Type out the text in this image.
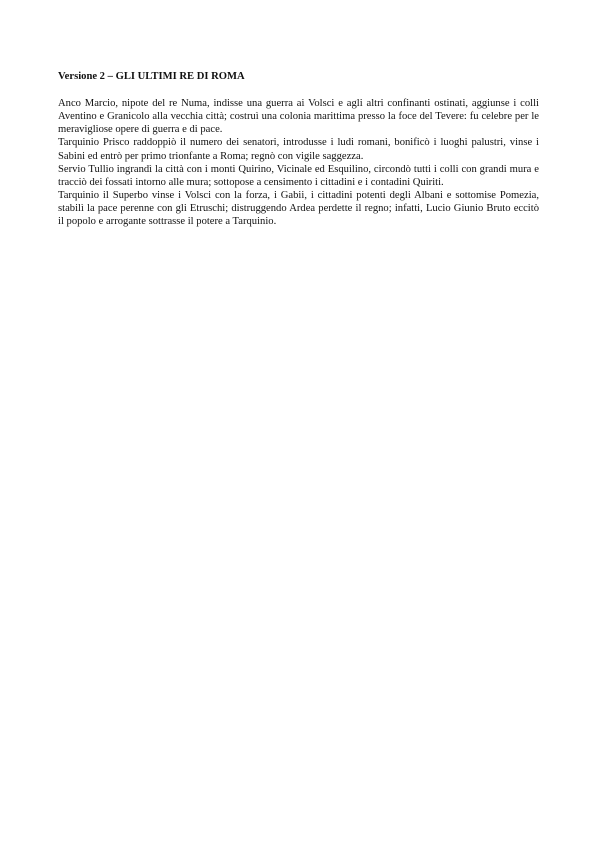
Versione 2 – GLI ULTIMI RE DI ROMA

Anco Marcio, nipote del re Numa, indisse una guerra ai Volsci e agli altri confinanti ostinati, aggiunse i colli Aventino e Granicolo alla vecchia città; costruì una colonia marittima presso la foce del Tevere: fu celebre per le meravigliose opere di guerra e di pace.

Tarquinio Prisco raddoppiò il numero dei senatori, introdusse i ludi romani, bonificò i luoghi palustri, vinse i Sabini ed entrò per primo trionfante a Roma; regnò con vigile saggezza.

Servio Tullio ingrandì la città con i monti Quirino, Vicinale ed Esquilino, circondò tutti i colli con grandi mura e tracciò dei fossati intorno alle mura; sottopose a censimento i cittadini e i contadini Quiriti.

Tarquinio il Superbo vinse i Volsci con la forza, i Gabii, i cittadini potenti degli Albani e sottomise Pomezia, stabilì la pace perenne con gli Etruschi; distruggendo Ardea perdette il regno; infatti, Lucio Giunio Bruto eccitò il popolo e arrogante sottrasse il potere a Tarquinio.
